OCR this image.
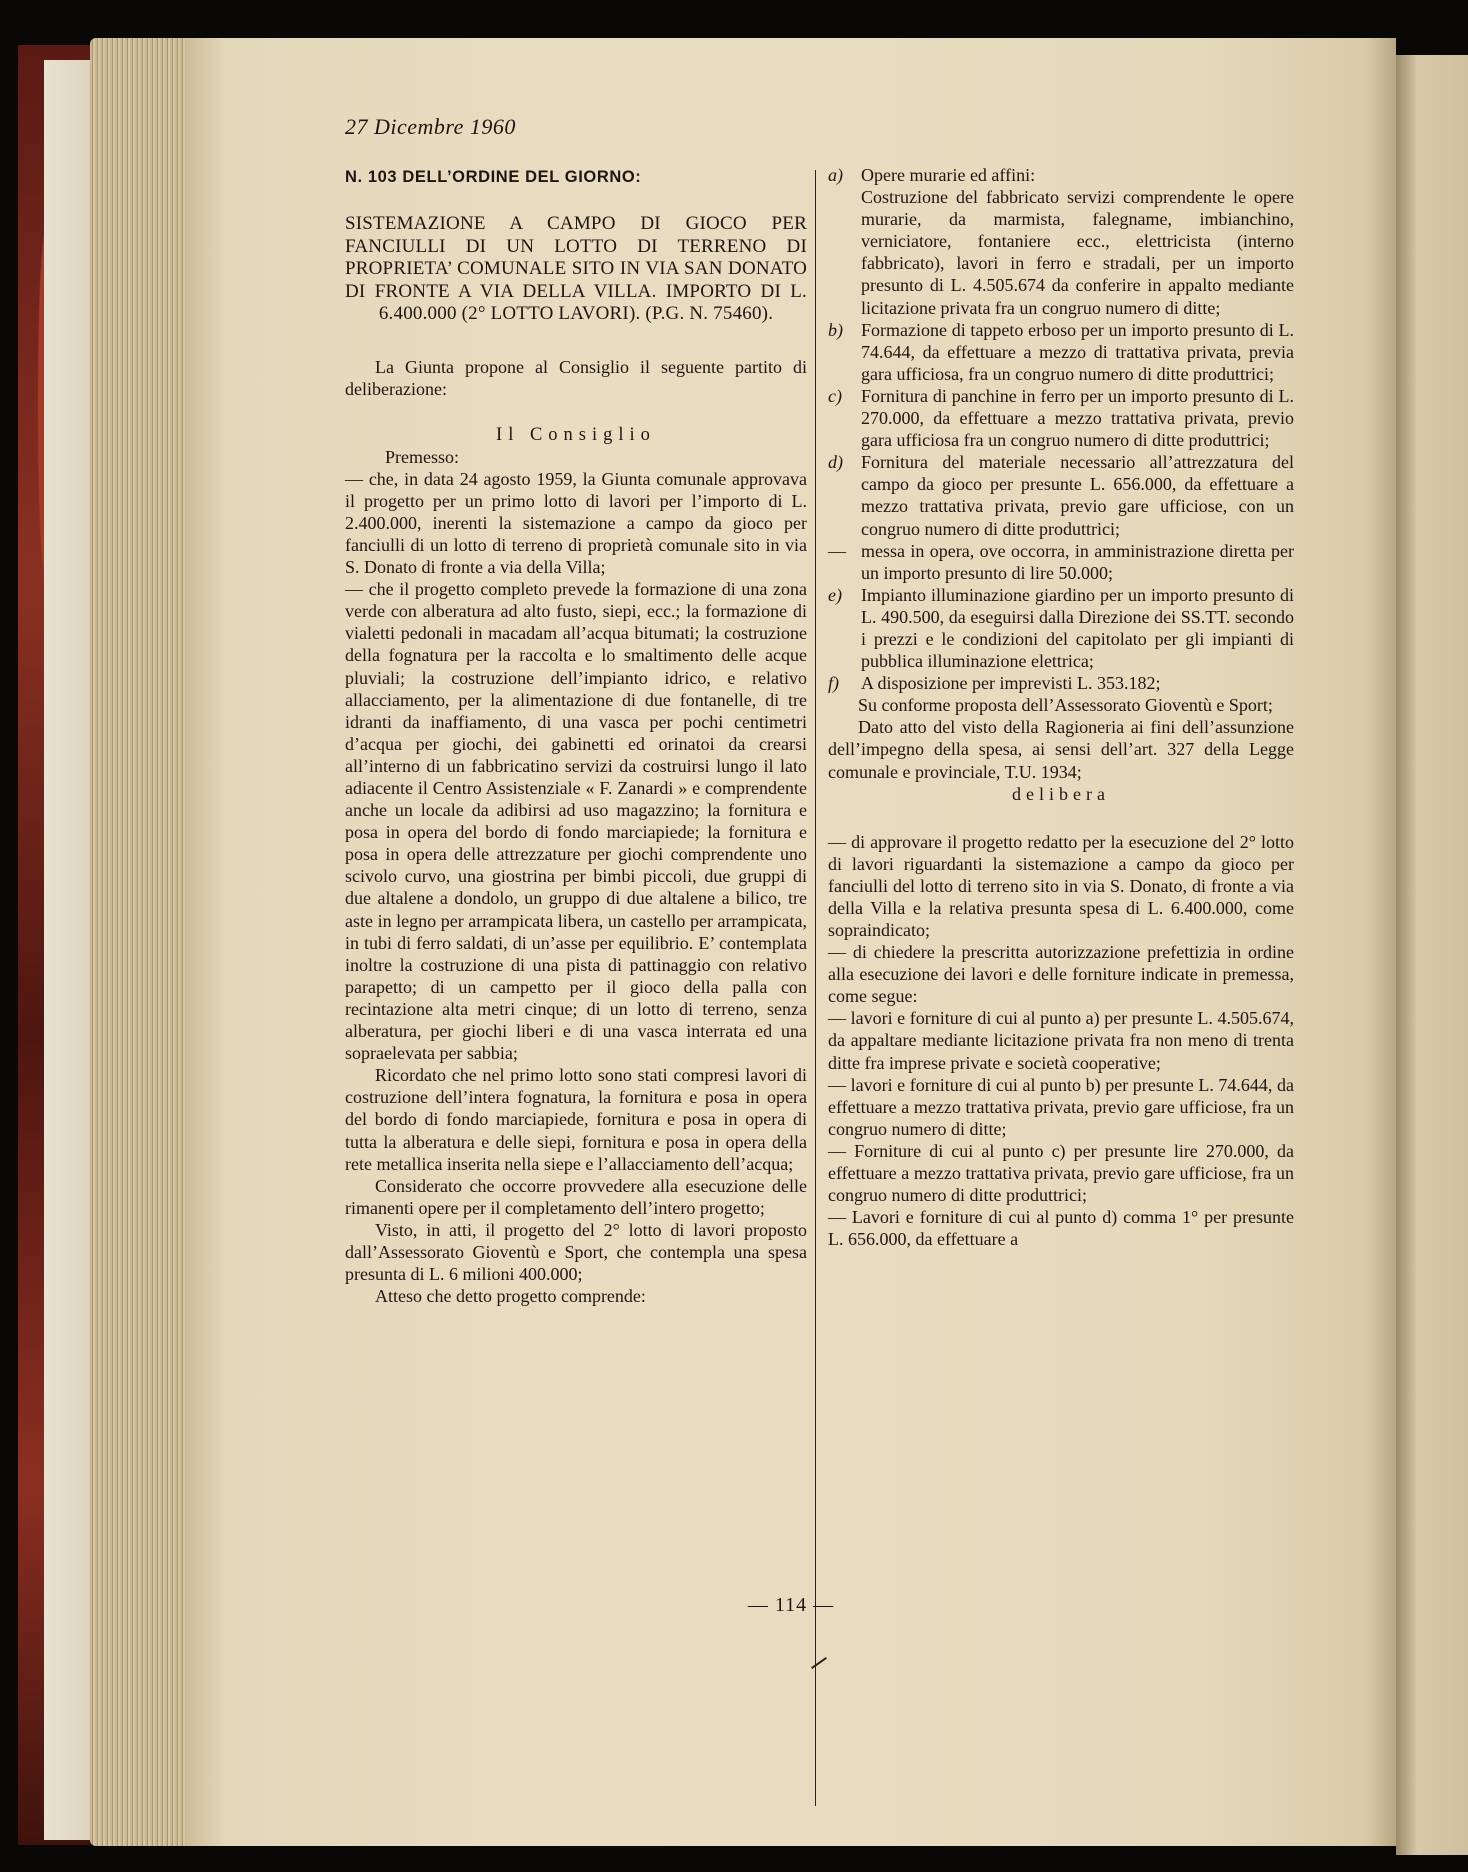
27 Dicembre 1960
N. 103 DELL’ORDINE DEL GIORNO:
SISTEMAZIONE A CAMPO DI GIOCO PER FANCIULLI DI UN LOTTO DI TERRENO DI PROPRIETA’ COMUNALE SITO IN VIA SAN DONATO DI FRONTE A VIA DELLA VILLA. IMPORTO DI L. 6.400.000 (2° LOTTO LAVORI). (P.G. N. 75460).

La Giunta propone al Consiglio il seguente partito di deliberazione:

Il Consiglio
Premesso:

— che, in data 24 agosto 1959, la Giunta comunale approvava il progetto per un primo lotto di lavori per l’importo di L. 2.400.000, inerenti la sistemazione a campo da gioco per fanciulli di un lotto di terreno di proprietà comunale sito in via S. Donato di fronte a via della Villa;

— che il progetto completo prevede la formazione di una zona verde con alberatura ad alto fusto, siepi, ecc.; la formazione di vialetti pedonali in macadam all’acqua bitumati; la costruzione della fognatura per la raccolta e lo smaltimento delle acque pluviali; la costruzione dell’impianto idrico, e relativo allacciamento, per la alimentazione di due fontanelle, di tre idranti da inaffiamento, di una vasca per pochi centimetri d’acqua per giochi, dei gabinetti ed orinatoi da crearsi all’interno di un fabbricatino servizi da costruirsi lungo il lato adiacente il Centro Assistenziale « F. Zanardi » e comprendente anche un locale da adibirsi ad uso magazzino; la fornitura e posa in opera del bordo di fondo marciapiede; la fornitura e posa in opera delle attrezzature per giochi comprendente uno scivolo curvo, una giostrina per bimbi piccoli, due gruppi di due altalene a dondolo, un gruppo di due altalene a bilico, tre aste in legno per arrampicata libera, un castello per arrampicata, in tubi di ferro saldati, di un’asse per equilibrio. E’ contemplata inoltre la costruzione di una pista di pattinaggio con relativo parapetto; di un campetto per il gioco della palla con recintazione alta metri cinque; di un lotto di terreno, senza alberatura, per giochi liberi e di una vasca interrata ed una sopraelevata per sabbia;

Ricordato che nel primo lotto sono stati compresi lavori di costruzione dell’intera fognatura, la fornitura e posa in opera del bordo di fondo marciapiede, fornitura e posa in opera di tutta la alberatura e delle siepi, fornitura e posa in opera della rete metallica inserita nella siepe e l’allacciamento dell’acqua;

Considerato che occorre provvedere alla esecuzione delle rimanenti opere per il completamento dell’intero progetto;

Visto, in atti, il progetto del 2° lotto di lavori proposto dall’Assessorato Gioventù e Sport, che contempla una spesa presunta di L. 6 milioni 400.000;

Atteso che detto progetto comprende:

a)	Opere murarie ed affini:
Costruzione del fabbricato servizi comprendente le opere murarie, da marmista, falegname, imbianchino, verniciatore, fontaniere ecc., elettricista (interno fabbricato), lavori in ferro e stradali, per un importo presunto di L. 4.505.674 da conferire in appalto mediante licitazione privata fra un congruo numero di ditte;
b)	Formazione di tappeto erboso per un importo presunto di L. 74.644, da effettuare a mezzo di trattativa privata, previa gara ufficiosa, fra un congruo numero di ditte produttrici;
c)	Fornitura di panchine in ferro per un importo presunto di L. 270.000, da effettuare a mezzo trattativa privata, previo gara ufficiosa fra un congruo numero di ditte produttrici;
d)	Fornitura del materiale necessario all’attrezzatura del campo da gioco per presunte L. 656.000, da effettuare a mezzo trattativa privata, previo gare ufficiose, con un congruo numero di ditte produttrici;
— messa in opera, ove occorra, in amministrazione diretta per un importo presunto di lire 50.000;
e)	Impianto illuminazione giardino per un importo presunto di L. 490.500, da eseguirsi dalla Direzione dei SS.TT. secondo i prezzi e le condizioni del capitolato per gli impianti di pubblica illuminazione elettrica;
f)	A disposizione per imprevisti L. 353.182;

Su conforme proposta dell’Assessorato Gioventù e Sport;

Dato atto del visto della Ragioneria ai fini dell’assunzione dell’impegno della spesa, ai sensi dell’art. 327 della Legge comunale e provinciale, T.U. 1934;

delibera

— di approvare il progetto redatto per la esecuzione del 2° lotto di lavori riguardanti la sistemazione a campo da gioco per fanciulli del lotto di terreno sito in via S. Donato, di fronte a via della Villa e la relativa presunta spesa di L. 6.400.000, come sopraindicato;

— di chiedere la prescritta autorizzazione prefettizia in ordine alla esecuzione dei lavori e delle forniture indicate in premessa, come segue:

— lavori e forniture di cui al punto a) per presunte L. 4.505.674, da appaltare mediante licitazione privata fra non meno di trenta ditte fra imprese private e società cooperative;

— lavori e forniture di cui al punto b) per presunte L. 74.644, da effettuare a mezzo trattativa privata, previo gare ufficiose, fra un congruo numero di ditte;

— Forniture di cui al punto c) per presunte lire 270.000, da effettuare a mezzo trattativa privata, previo gare ufficiose, fra un congruo numero di ditte produttrici;

— Lavori e forniture di cui al punto d) comma 1° per presunte L. 656.000, da effettuare a

— 114 —
